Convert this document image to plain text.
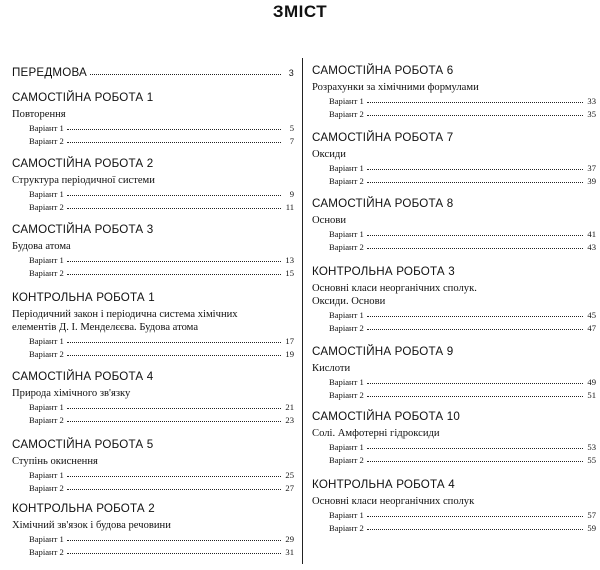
ЗМІСТ
ПЕРЕДМОВА	3
САМОСТІЙНА РОБОТА 1
Повторення
Варіант 1	5
Варіант 2	7
САМОСТІЙНА РОБОТА 2
Структура періодичної системи
Варіант 1	9
Варіант 2	11
САМОСТІЙНА РОБОТА 3
Будова атома
Варіант 1	13
Варіант 2	15
КОНТРОЛЬНА РОБОТА 1
Періодичний закон і періодична система хімічних
елементів Д. І. Менделєєва. Будова атома
Варіант 1	17
Варіант 2	19
САМОСТІЙНА РОБОТА 4
Природа хімічного зв'язку
Варіант 1	21
Варіант 2	23
САМОСТІЙНА РОБОТА 5
Ступінь окиснення
Варіант 1	25
Варіант 2	27
КОНТРОЛЬНА РОБОТА 2
Хімічний зв'язок і будова речовини
Варіант 1	29
Варіант 2	31
САМОСТІЙНА РОБОТА 6
Розрахунки за хімічними формулами
Варіант 1	33
Варіант 2	35
САМОСТІЙНА РОБОТА 7
Оксиди
Варіант 1	37
Варіант 2	39
САМОСТІЙНА РОБОТА 8
Основи
Варіант 1	41
Варіант 2	43
КОНТРОЛЬНА РОБОТА 3
Основні класи неорганічних сполук.
Оксиди. Основи
Варіант 1	45
Варіант 2	47
САМОСТІЙНА РОБОТА 9
Кислоти
Варіант 1	49
Варіант 2	51
САМОСТІЙНА РОБОТА 10
Солі. Амфотерні гідроксиди
Варіант 1	53
Варіант 2	55
КОНТРОЛЬНА РОБОТА 4
Основні класи неорганічних сполук
Варіант 1	57
Варіант 2	59
